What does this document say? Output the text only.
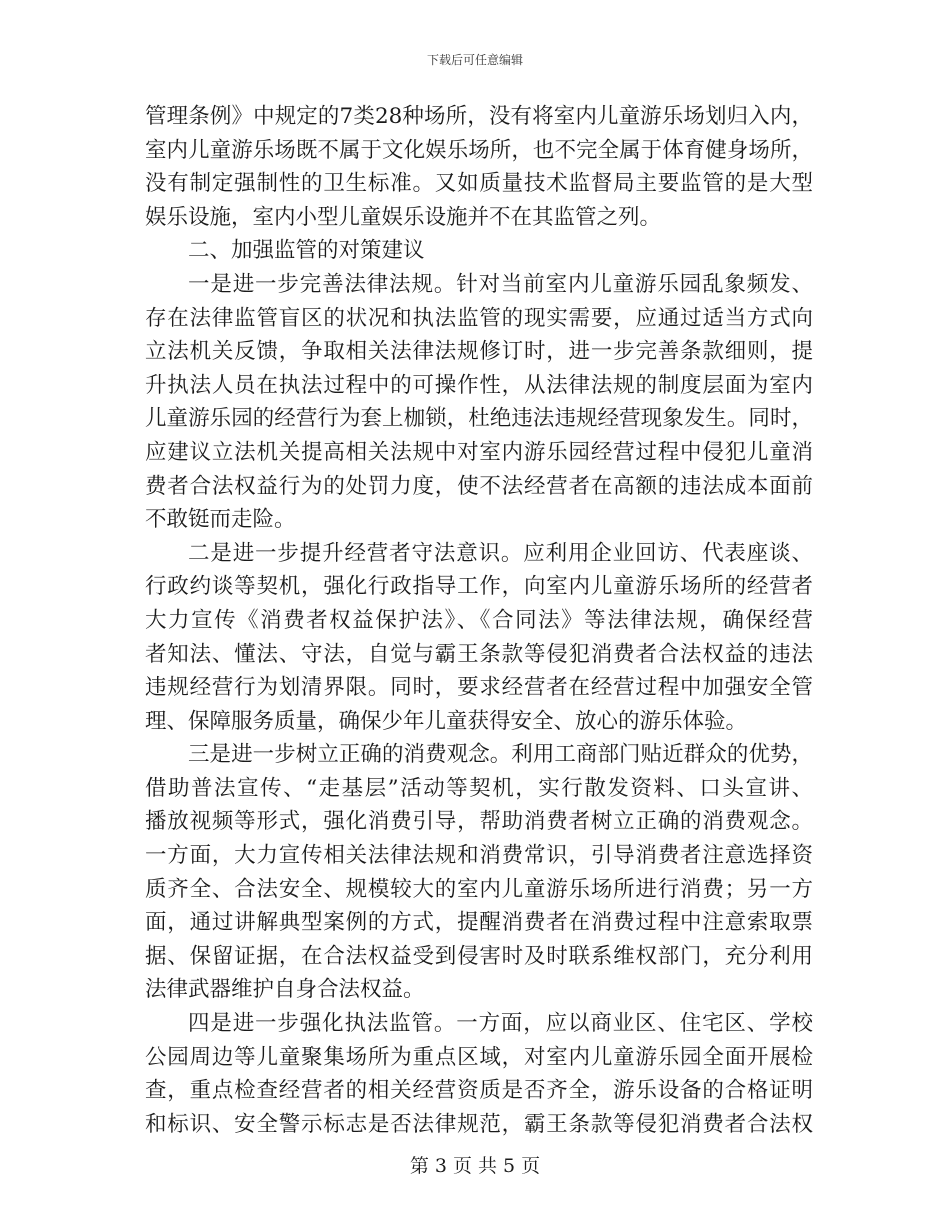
下载后可任意编辑
管理条例》中规定的7类28种场所，没有将室内儿童游乐场划归入内，
室内儿童游乐场既不属于文化娱乐场所，也不完全属于体育健身场所，
没有制定强制性的卫生标准。又如质量技术监督局主要监管的是大型
娱乐设施，室内小型儿童娱乐设施并不在其监管之列。
二、加强监管的对策建议
一是进一步完善法律法规。针对当前室内儿童游乐园乱象频发、
存在法律监管盲区的状况和执法监管的现实需要，应通过适当方式向
立法机关反馈，争取相关法律法规修订时，进一步完善条款细则，提
升执法人员在执法过程中的可操作性，从法律法规的制度层面为室内
儿童游乐园的经营行为套上枷锁，杜绝违法违规经营现象发生。同时，
应建议立法机关提高相关法规中对室内游乐园经营过程中侵犯儿童消
费者合法权益行为的处罚力度，使不法经营者在高额的违法成本面前
不敢铤而走险。
二是进一步提升经营者守法意识。应利用企业回访、代表座谈、
行政约谈等契机，强化行政指导工作，向室内儿童游乐场所的经营者
大力宣传《消费者权益保护法》、《合同法》等法律法规，确保经营
者知法、懂法、守法，自觉与霸王条款等侵犯消费者合法权益的违法
违规经营行为划清界限。同时，要求经营者在经营过程中加强安全管
理、保障服务质量，确保少年儿童获得安全、放心的游乐体验。
三是进一步树立正确的消费观念。利用工商部门贴近群众的优势，
借助普法宣传、“走基层”活动等契机，实行散发资料、口头宣讲、
播放视频等形式，强化消费引导，帮助消费者树立正确的消费观念。
一方面，大力宣传相关法律法规和消费常识，引导消费者注意选择资
质齐全、合法安全、规模较大的室内儿童游乐场所进行消费；另一方
面，通过讲解典型案例的方式，提醒消费者在消费过程中注意索取票
据、保留证据，在合法权益受到侵害时及时联系维权部门，充分利用
法律武器维护自身合法权益。
四是进一步强化执法监管。一方面，应以商业区、住宅区、学校
公园周边等儿童聚集场所为重点区域，对室内儿童游乐园全面开展检
查，重点检查经营者的相关经营资质是否齐全，游乐设备的合格证明
和标识、安全警示标志是否法律规范，霸王条款等侵犯消费者合法权
第 3 页 共 5 页
